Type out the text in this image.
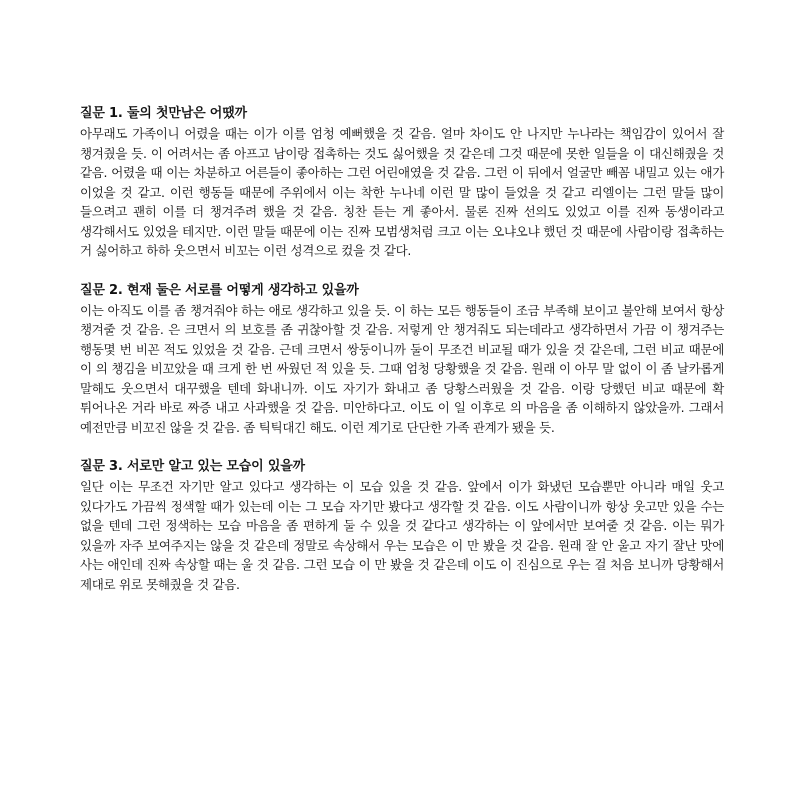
질문 1. 둘의 첫만남은 어땠까

아무래도 가족이니 어렸을 때는 이가 이를 엄청 예뻐했을 것 같음. 얼마 차이도 안 나지만 누나라는 책임감이 있어서 잘 챙겨줬을 듯. 이 어려서는 좀 아프고 남이랑 접촉하는 것도 싫어했을 것 같은데 그것 때문에 못한 일들을 이 대신해줬을 것 같음. 어렸을 때 이는 차분하고 어른들이 좋아하는 그런 어린애였을 것 같음. 그런 이 뒤에서 얼굴만 빼꼼 내밀고 있는 애가 이었을 것 같고. 이런 행동들 때문에 주위에서 이는 착한 누나네 이런 말 많이 들었을 것 같고 리엘이는 그런 말들 많이 들으려고 괜히 이를 더 챙겨주려 했을 것 같음. 칭찬 듣는 게 좋아서. 물론 진짜 선의도 있었고 이를 진짜 동생이라고 생각해서도 있었을 테지만. 이런 말들 때문에 이는 진짜 모범생처럼 크고 이는 오냐오냐 했던 것 때문에 사람이랑 접촉하는 거 싫어하고 하하 웃으면서 비꼬는 이런 성격으로 컸을 것 같다.

질문 2. 현재 둘은 서로를 어떻게 생각하고 있을까

이는 아직도 이를 좀 챙겨줘야 하는 애로 생각하고 있을 듯. 이 하는 모든 행동들이 조금 부족해 보이고 불안해 보여서 항상 챙겨줄 것 같음. 은 크면서 의 보호를 좀 귀찮아할 것 같음. 저렇게 안 챙겨줘도 되는데라고 생각하면서 가끔 이 챙겨주는 행동몇 번 비꼰 적도 있었을 것 같음. 근데 크면서 쌍둥이니까 둘이 무조건 비교될 때가 있을 것 같은데, 그런 비교 때문에 이 의 챙김을 비꼬았을 때 크게 한 번 싸웠던 적 있을 듯. 그때 엄청 당황했을 것 같음. 원래 이 아무 말 없이 이 좀 날카롭게 말해도 웃으면서 대꾸했을 텐데 화내니까. 이도 자기가 화내고 좀 당황스러웠을 것 같음. 이랑 당했던 비교 때문에 확 튀어나온 거라 바로 짜증 내고 사과했을 것 같음. 미안하다고. 이도 이 일 이후로 의 마음을 좀 이해하지 않았을까. 그래서 예전만큼 비꼬진 않을 것 같음. 좀 틱틱대긴 해도. 이런 계기로 단단한 가족 관계가 됐을 듯.

질문 3. 서로만 알고 있는 모습이 있을까

일단 이는 무조건 자기만 알고 있다고 생각하는 이 모습 있을 것 같음. 앞에서 이가 화냈던 모습뿐만 아니라 매일 웃고 있다가도 가끔씩 정색할 때가 있는데 이는 그 모습 자기만 봤다고 생각할 것 같음. 이도 사람이니까 항상 웃고만 있을 수는 없을 텐데 그런 정색하는 모습 마음을 좀 편하게 둘 수 있을 것 같다고 생각하는 이 앞에서만 보여줄 것 같음. 이는 뭐가 있을까 자주 보여주지는 않을 것 같은데 정말로 속상해서 우는 모습은 이 만 봤을 것 같음. 원래 잘 안 울고 자기 잘난 맛에 사는 애인데 진짜 속상할 때는 울 것 같음. 그런 모습 이 만 봤을 것 같은데 이도 이 진심으로 우는 걸 처음 보니까 당황해서 제대로 위로 못해줬을 것 같음.
